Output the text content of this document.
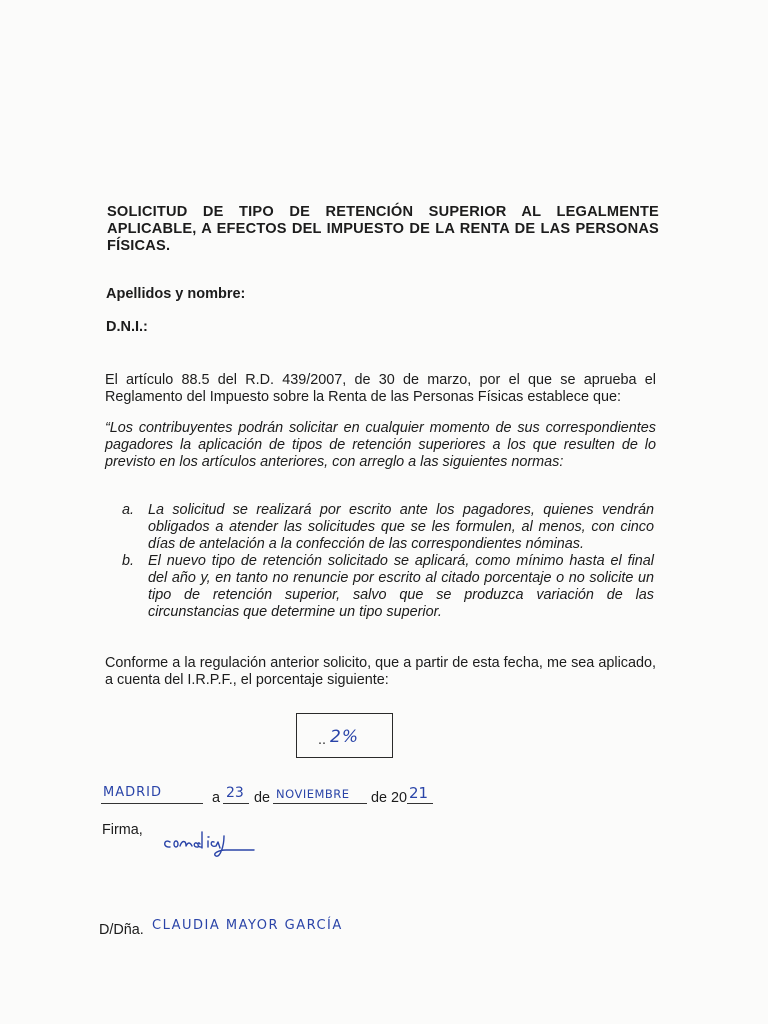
SOLICITUD DE TIPO DE RETENCIÓN SUPERIOR AL LEGALMENTE APLICABLE, A EFECTOS DEL IMPUESTO DE LA RENTA DE LAS PERSONAS FÍSICAS.
Apellidos y nombre:
D.N.I.:
El artículo 88.5 del R.D. 439/2007, de 30 de marzo, por el que se aprueba el Reglamento del Impuesto sobre la Renta de las Personas Físicas establece que:
“Los contribuyentes podrán solicitar en cualquier momento de sus correspondientes pagadores la aplicación de tipos de retención superiores a los que resulten de lo previsto en los artículos anteriores, con arreglo a las siguientes normas:
a. La solicitud se realizará por escrito ante los pagadores, quienes vendrán obligados a atender las solicitudes que se les formulen, al menos, con cinco días de antelación a la confección de las correspondientes nóminas.
b. El nuevo tipo de retención solicitado se aplicará, como mínimo hasta el final del año y, en tanto no renuncie por escrito al citado porcentaje o no solicite un tipo de retención superior, salvo que se produzca variación de las circunstancias que determine un tipo superior.
Conforme a la regulación anterior solicito, que a partir de esta fecha, me sea aplicado, a cuenta del I.R.P.F., el porcentaje siguiente:
.. 2%
MADRID	a 23 de NOVIEMBRE de 20 21
Firma,
D/Dña. CLAUDIA MAYOR GARCÍA
